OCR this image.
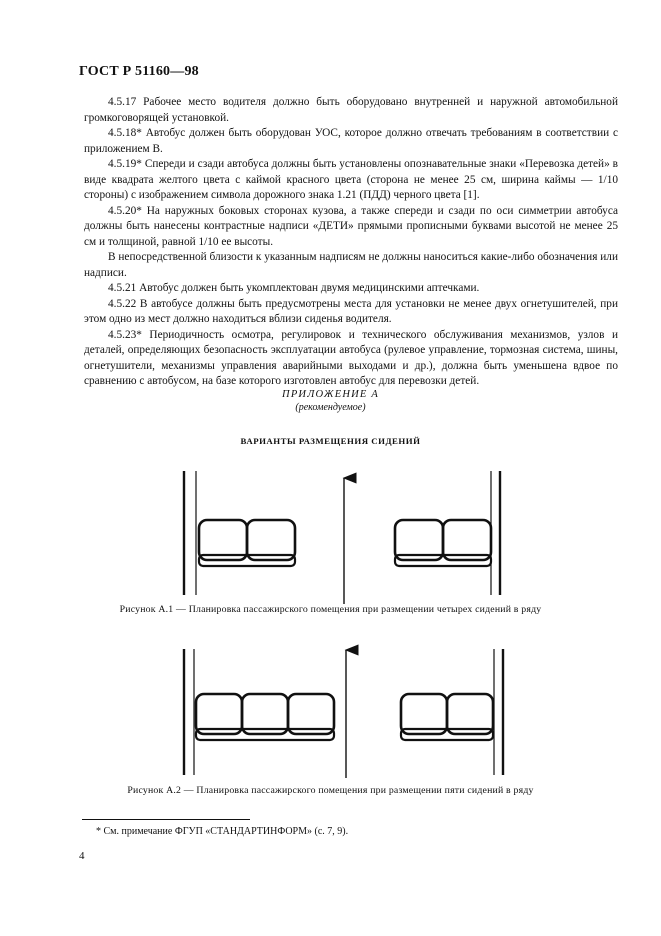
ГОСТ Р 51160—98

4.5.17 Рабочее место водителя должно быть оборудовано внутренней и наружной автомобильной громкоговорящей установкой.

4.5.18* Автобус должен быть оборудован УОС, которое должно отвечать требованиям в соответствии с приложением В.

4.5.19* Спереди и сзади автобуса должны быть установлены опознавательные знаки «Перевозка детей» в виде квадрата желтого цвета с каймой красного цвета (сторона не менее 25 см, ширина каймы — 1/10 стороны) с изображением символа дорожного знака 1.21 (ПДД) черного цвета [1].

4.5.20* На наружных боковых сторонах кузова, а также спереди и сзади по оси симметрии автобуса должны быть нанесены контрастные надписи «ДЕТИ» прямыми прописными буквами высотой не менее 25 см и толщиной, равной 1/10 ее высоты.

В непосредственной близости к указанным надписям не должны наноситься какие-либо обозначения или надписи.

4.5.21 Автобус должен быть укомплектован двумя медицинскими аптечками.

4.5.22 В автобусе должны быть предусмотрены места для установки не менее двух огнетушителей, при этом одно из мест должно находиться вблизи сиденья водителя.

4.5.23* Периодичность осмотра, регулировок и технического обслуживания механизмов, узлов и деталей, определяющих безопасность эксплуатации автобуса (рулевое управление, тормозная система, шины, огнетушители, механизмы управления аварийными выходами и др.), должна быть уменьшена вдвое по сравнению с автобусом, на базе которого изготовлен автобус для перевозки детей.

ПРИЛОЖЕНИЕ А
(рекомендуемое)
ВАРИАНТЫ РАЗМЕЩЕНИЯ СИДЕНИЙ
Рисунок А.1 — Планировка пассажирского помещения при размещении четырех сидений в ряду
Рисунок А.2 — Планировка пассажирского помещения при размещении пяти сидений в ряду
* См. примечание ФГУП «СТАНДАРТИНФОРМ» (с. 7, 9).
4
